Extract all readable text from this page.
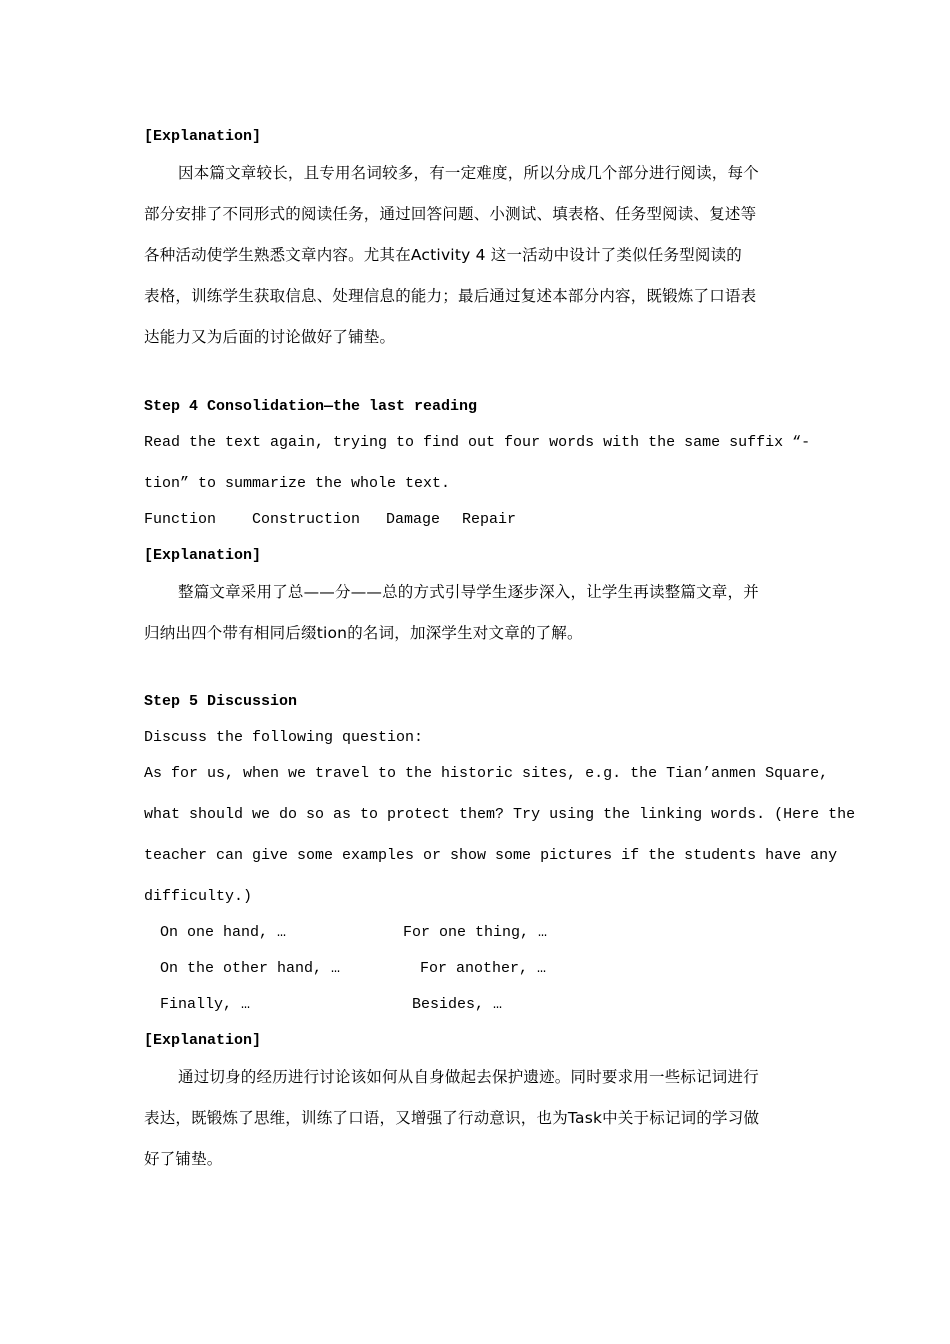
[Explanation]
因本篇文章较长，且专用名词较多，有一定难度，所以分成几个部分进行阅读，每个
部分安排了不同形式的阅读任务，通过回答问题、小测试、填表格、任务型阅读、复述等
各种活动使学生熟悉文章内容。尤其在Activity 4 这一活动中设计了类似任务型阅读的
表格，训练学生获取信息、处理信息的能力；最后通过复述本部分内容，既锻炼了口语表
达能力又为后面的讨论做好了铺垫。
Step 4 Consolidation—the last reading
Read the text again, trying to find out four words with the same suffix “-
tion” to summarize the whole text.
Function Construction Damage Repair
[Explanation]
整篇文章采用了总——分——总的方式引导学生逐步深入，让学生再读整篇文章，并
归纳出四个带有相同后缀tion的名词，加深学生对文章的了解。
Step 5 Discussion
Discuss the following question:
As for us, when we travel to the historic sites, e.g. the Tian’anmen Square,
what should we do so as to protect them? Try using the linking words. (Here the
teacher can give some examples or show some pictures if the students have any
difficulty.)
On one hand, …	For one thing, …
On the other hand, …	For another, …
Finally, …	Besides, …
[Explanation]
通过切身的经历进行讨论该如何从自身做起去保护遗迹。同时要求用一些标记词进行
表达，既锻炼了思维，训练了口语，又增强了行动意识，也为Task中关于标记词的学习做
好了铺垫。
